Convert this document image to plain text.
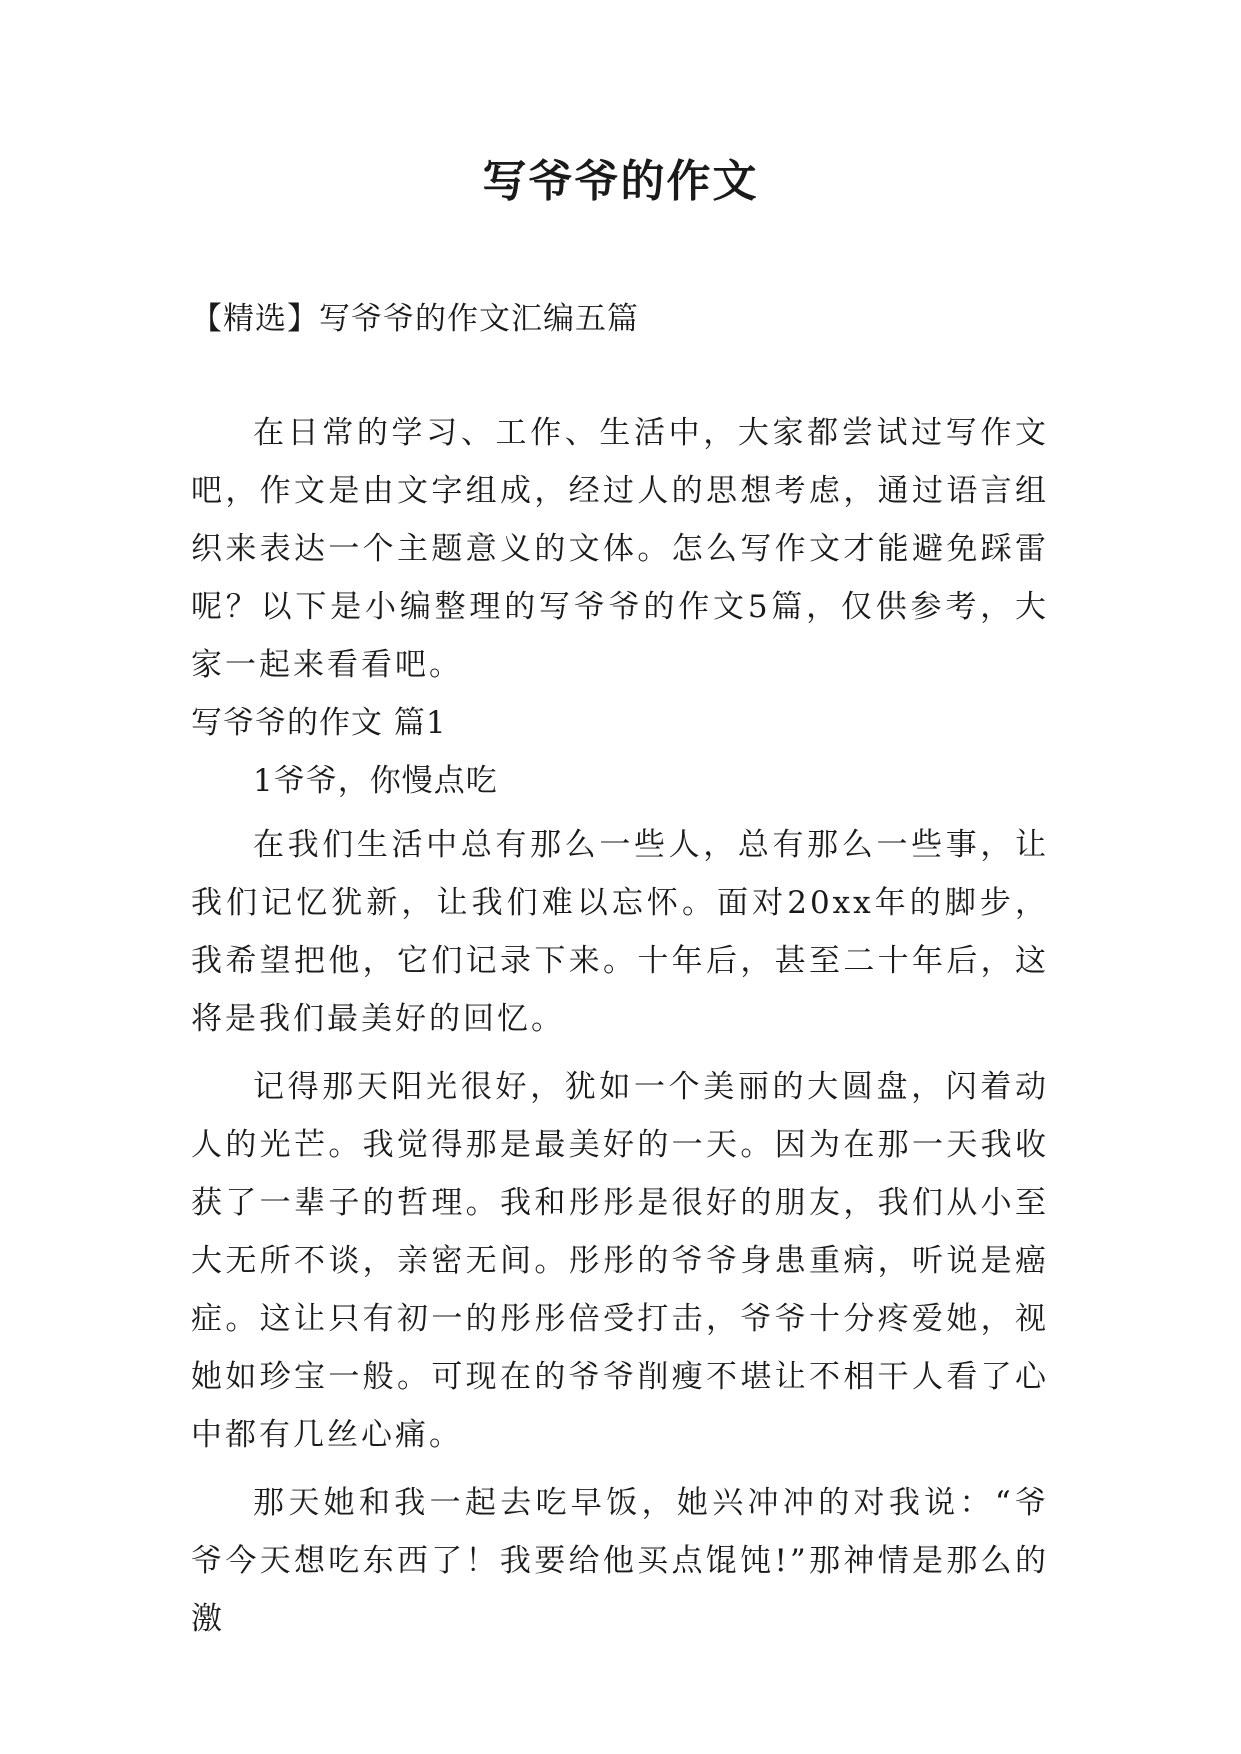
写爷爷的作文

【精选】写爷爷的作文汇编五篇

在日常的学习、工作、生活中，大家都尝试过写作文吧，作文是由文字组成，经过人的思想考虑，通过语言组织来表达一个主题意义的文体。怎么写作文才能避免踩雷呢？以下是小编整理的写爷爷的作文5篇，仅供参考，大家一起来看看吧。

写爷爷的作文 篇1

1爷爷，你慢点吃

在我们生活中总有那么一些人，总有那么一些事，让我们记忆犹新，让我们难以忘怀。面对20xx年的脚步，我希望把他，它们记录下来。十年后，甚至二十年后，这将是我们最美好的回忆。

记得那天阳光很好，犹如一个美丽的大圆盘，闪着动人的光芒。我觉得那是最美好的一天。因为在那一天我收获了一辈子的哲理。我和彤彤是很好的朋友，我们从小至大无所不谈，亲密无间。彤彤的爷爷身患重病，听说是癌症。这让只有初一的彤彤倍受打击，爷爷十分疼爱她，视她如珍宝一般。可现在的爷爷削瘦不堪让不相干人看了心中都有几丝心痛。

那天她和我一起去吃早饭，她兴冲冲的对我说：“爷爷今天想吃东西了！我要给他买点馄饨!”那神情是那么的激
